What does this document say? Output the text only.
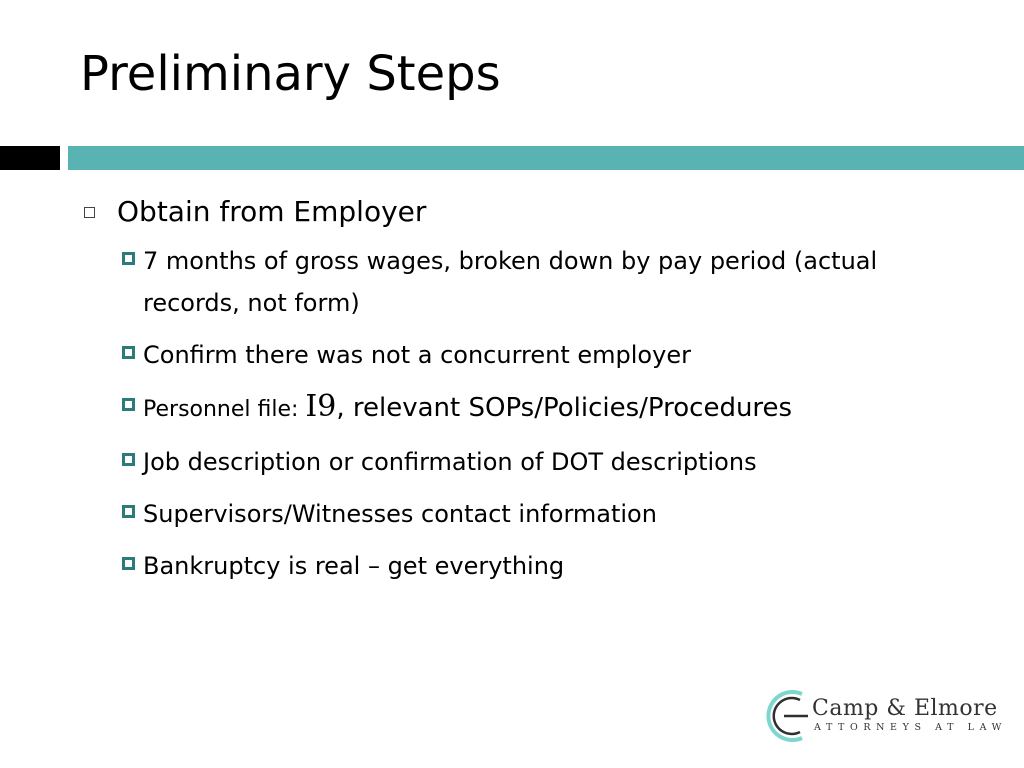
Preliminary Steps
Obtain from Employer
7 months of gross wages, broken down by pay period (actual records, not form)
Confirm there was not a concurrent employer
Personnel file: I9, relevant SOPs/Policies/Procedures
Job description or confirmation of DOT descriptions
Supervisors/Witnesses contact information
Bankruptcy is real – get everything
Camp & Elmore
ATTORNEYS AT LAW
